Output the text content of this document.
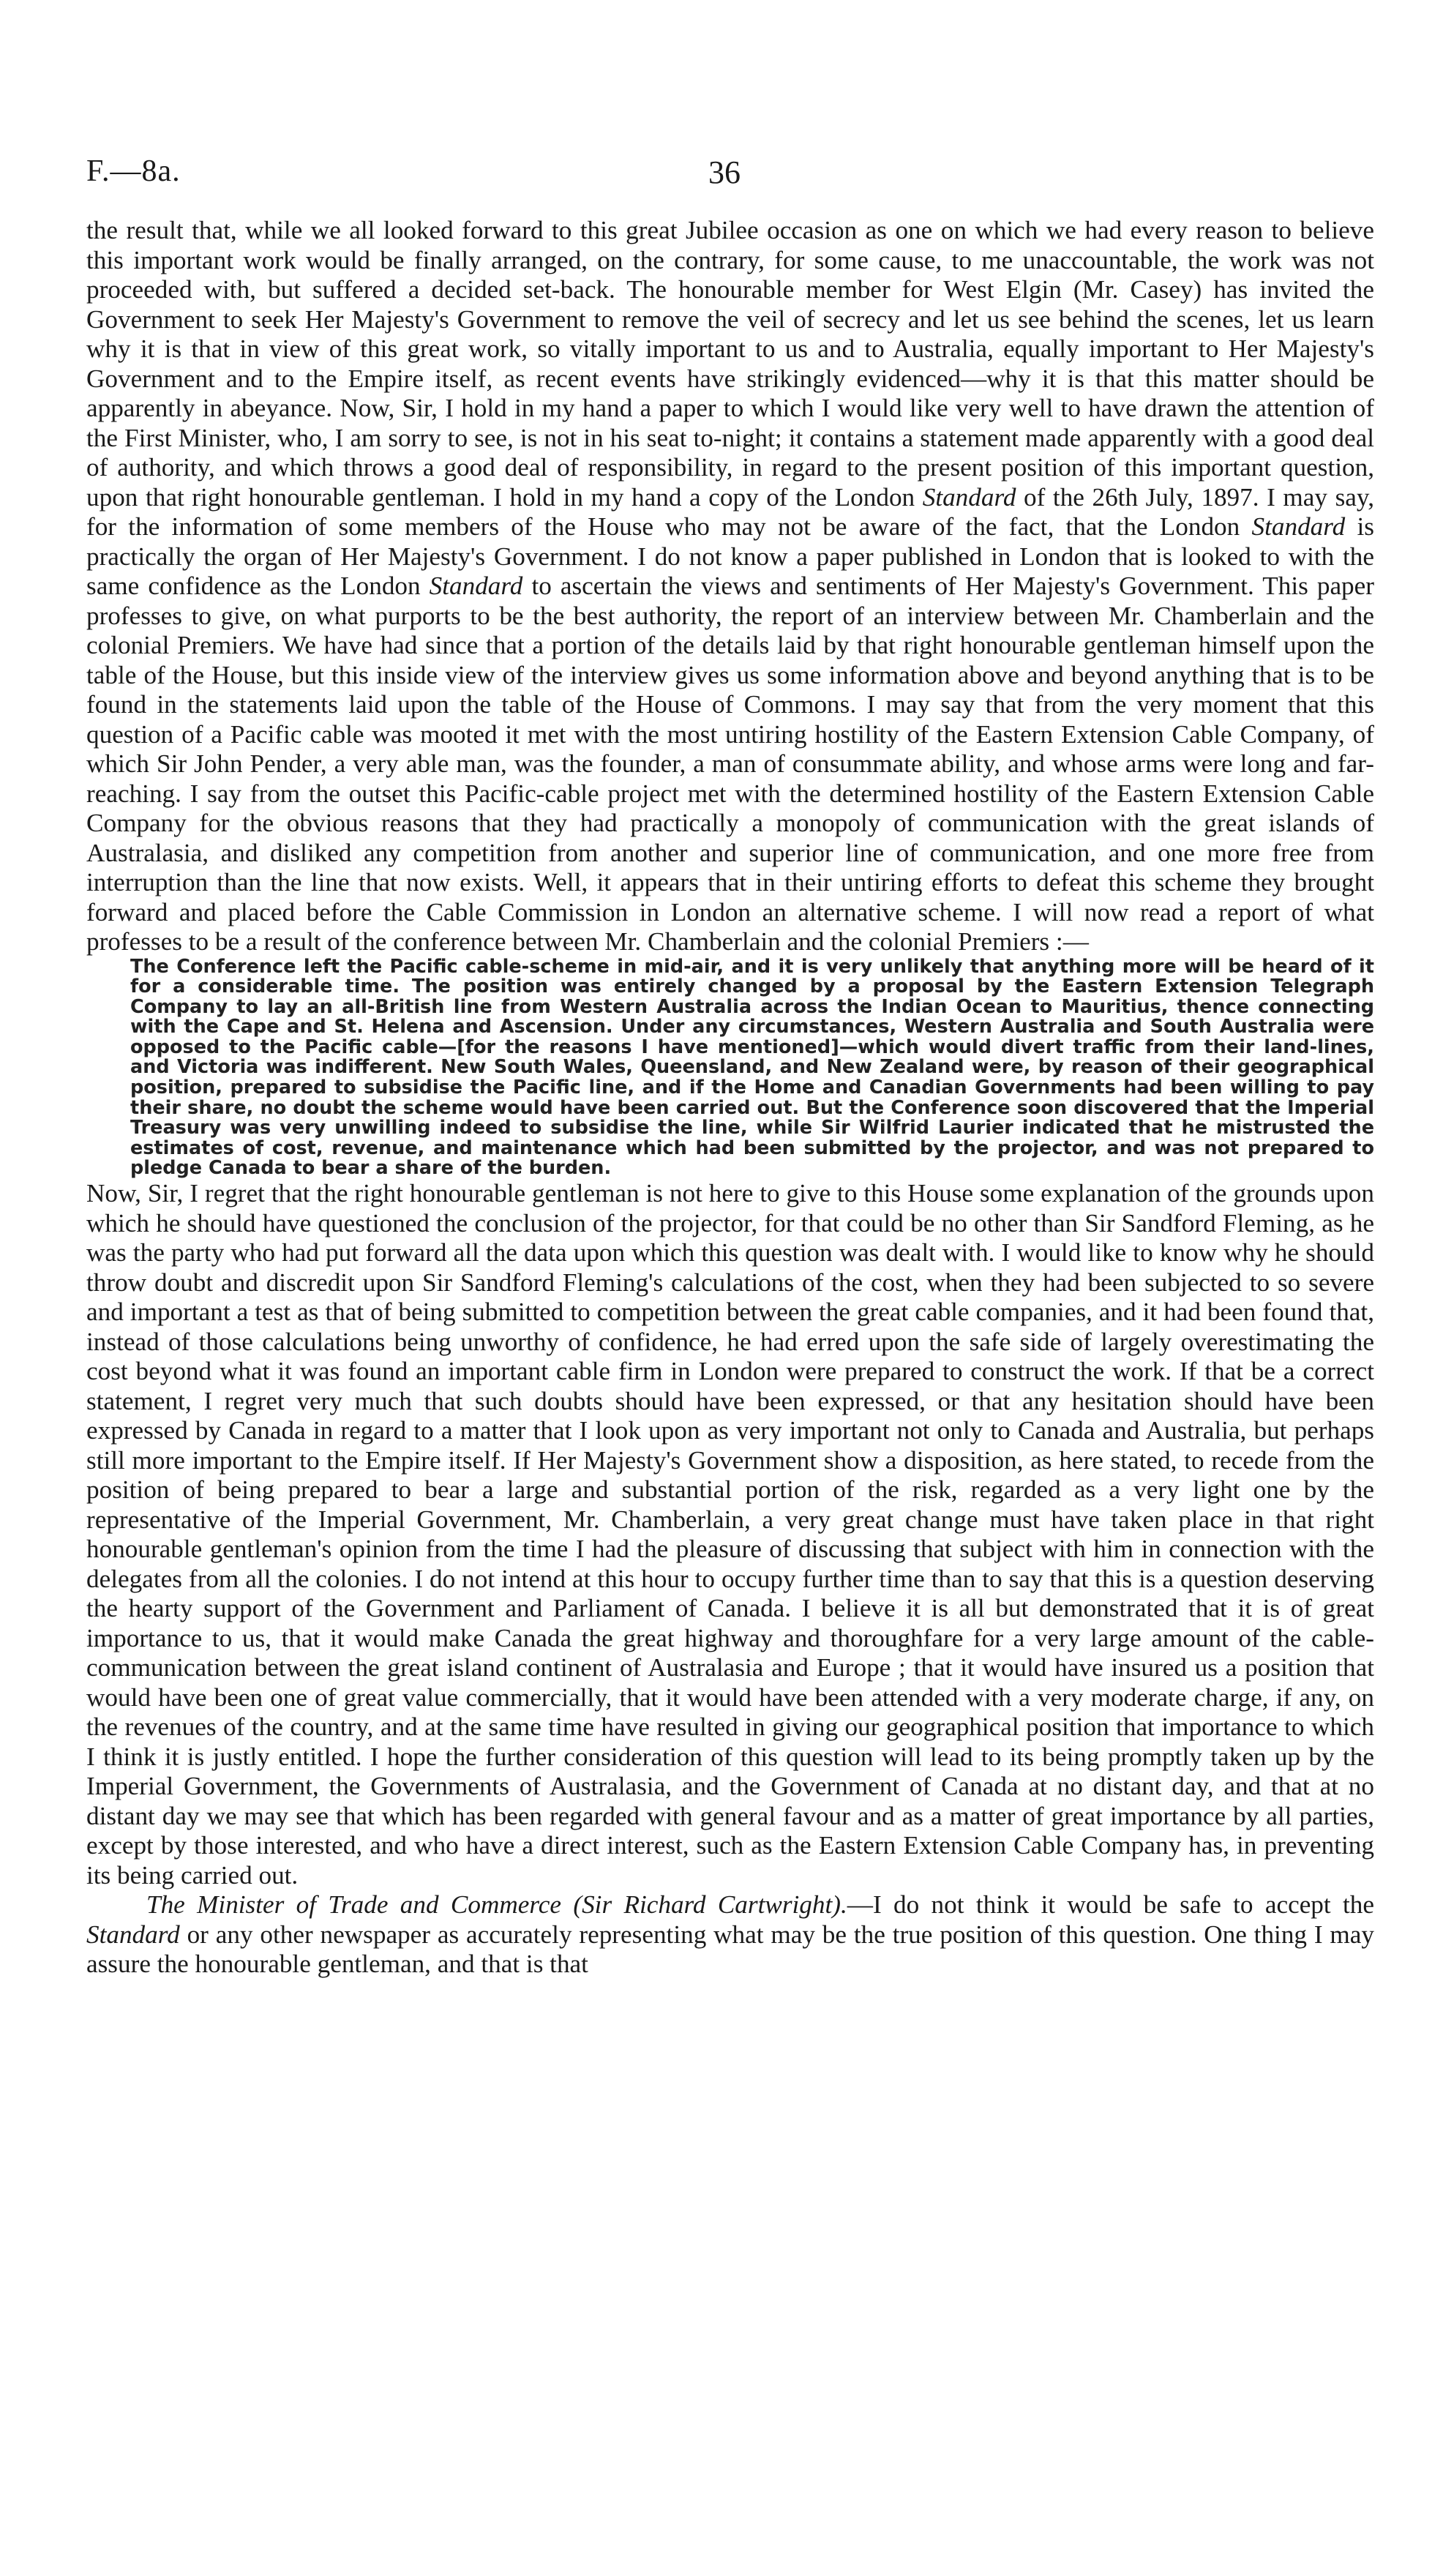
F.—8a.	36

the result that, while we all looked forward to this great Jubilee occasion as one on which we had every reason to believe this important work would be finally arranged, on the contrary, for some cause, to me unaccountable, the work was not proceeded with, but suffered a decided set-back. The honourable member for West Elgin (Mr. Casey) has invited the Government to seek Her Majesty's Government to remove the veil of secrecy and let us see behind the scenes, let us learn why it is that in view of this great work, so vitally important to us and to Australia, equally important to Her Majesty's Government and to the Empire itself, as recent events have strikingly evidenced—why it is that this matter should be apparently in abeyance. Now, Sir, I hold in my hand a paper to which I would like very well to have drawn the attention of the First Minister, who, I am sorry to see, is not in his seat to-night; it contains a statement made apparently with a good deal of authority, and which throws a good deal of responsibility, in regard to the present position of this important question, upon that right honourable gentleman. I hold in my hand a copy of the London Standard of the 26th July, 1897. I may say, for the information of some members of the House who may not be aware of the fact, that the London Standard is practically the organ of Her Majesty's Government. I do not know a paper published in London that is looked to with the same confidence as the London Standard to ascertain the views and sentiments of Her Majesty's Government. This paper professes to give, on what purports to be the best authority, the report of an interview between Mr. Chamberlain and the colonial Premiers. We have had since that a portion of the details laid by that right honourable gentleman himself upon the table of the House, but this inside view of the interview gives us some information above and beyond anything that is to be found in the statements laid upon the table of the House of Commons. I may say that from the very moment that this question of a Pacific cable was mooted it met with the most untiring hostility of the Eastern Extension Cable Company, of which Sir John Pender, a very able man, was the founder, a man of consummate ability, and whose arms were long and far-reaching. I say from the outset this Pacific-cable project met with the determined hostility of the Eastern Extension Cable Company for the obvious reasons that they had practically a monopoly of communication with the great islands of Australasia, and disliked any competition from another and superior line of communication, and one more free from interruption than the line that now exists. Well, it appears that in their untiring efforts to defeat this scheme they brought forward and placed before the Cable Commission in London an alternative scheme. I will now read a report of what professes to be a result of the conference between Mr. Chamberlain and the colonial Premiers :—

The Conference left the Pacific cable-scheme in mid-air, and it is very unlikely that anything more will be heard of it for a considerable time. The position was entirely changed by a proposal by the Eastern Extension Telegraph Company to lay an all-British line from Western Australia across the Indian Ocean to Mauritius, thence connecting with the Cape and St. Helena and Ascension. Under any circumstances, Western Australia and South Australia were opposed to the Pacific cable—[for the reasons I have mentioned]—which would divert traffic from their land-lines, and Victoria was indifferent. New South Wales, Queensland, and New Zealand were, by reason of their geographical position, prepared to subsidise the Pacific line, and if the Home and Canadian Governments had been willing to pay their share, no doubt the scheme would have been carried out. But the Conference soon discovered that the Imperial Treasury was very unwilling indeed to subsidise the line, while Sir Wilfrid Laurier indicated that he mistrusted the estimates of cost, revenue, and maintenance which had been submitted by the projector, and was not prepared to pledge Canada to bear a share of the burden.

Now, Sir, I regret that the right honourable gentleman is not here to give to this House some explanation of the grounds upon which he should have questioned the conclusion of the projector, for that could be no other than Sir Sandford Fleming, as he was the party who had put forward all the data upon which this question was dealt with. I would like to know why he should throw doubt and discredit upon Sir Sandford Fleming's calculations of the cost, when they had been subjected to so severe and important a test as that of being submitted to competition between the great cable companies, and it had been found that, instead of those calculations being unworthy of confidence, he had erred upon the safe side of largely overestimating the cost beyond what it was found an important cable firm in London were prepared to construct the work. If that be a correct statement, I regret very much that such doubts should have been expressed, or that any hesitation should have been expressed by Canada in regard to a matter that I look upon as very important not only to Canada and Australia, but perhaps still more important to the Empire itself. If Her Majesty's Government show a disposition, as here stated, to recede from the position of being prepared to bear a large and substantial portion of the risk, regarded as a very light one by the representative of the Imperial Government, Mr. Chamberlain, a very great change must have taken place in that right honourable gentleman's opinion from the time I had the pleasure of discussing that subject with him in connection with the delegates from all the colonies. I do not intend at this hour to occupy further time than to say that this is a question deserving the hearty support of the Government and Parliament of Canada. I believe it is all but demonstrated that it is of great importance to us, that it would make Canada the great highway and thoroughfare for a very large amount of the cable-communication between the great island continent of Australasia and Europe ; that it would have insured us a position that would have been one of great value commercially, that it would have been attended with a very moderate charge, if any, on the revenues of the country, and at the same time have resulted in giving our geographical position that importance to which I think it is justly entitled. I hope the further consideration of this question will lead to its being promptly taken up by the Imperial Government, the Governments of Australasia, and the Government of Canada at no distant day, and that at no distant day we may see that which has been regarded with general favour and as a matter of great importance by all parties, except by those interested, and who have a direct interest, such as the Eastern Extension Cable Company has, in preventing its being carried out.

The Minister of Trade and Commerce (Sir Richard Cartwright).—I do not think it would be safe to accept the Standard or any other newspaper as accurately representing what may be the true position of this question. One thing I may assure the honourable gentleman, and that is that
